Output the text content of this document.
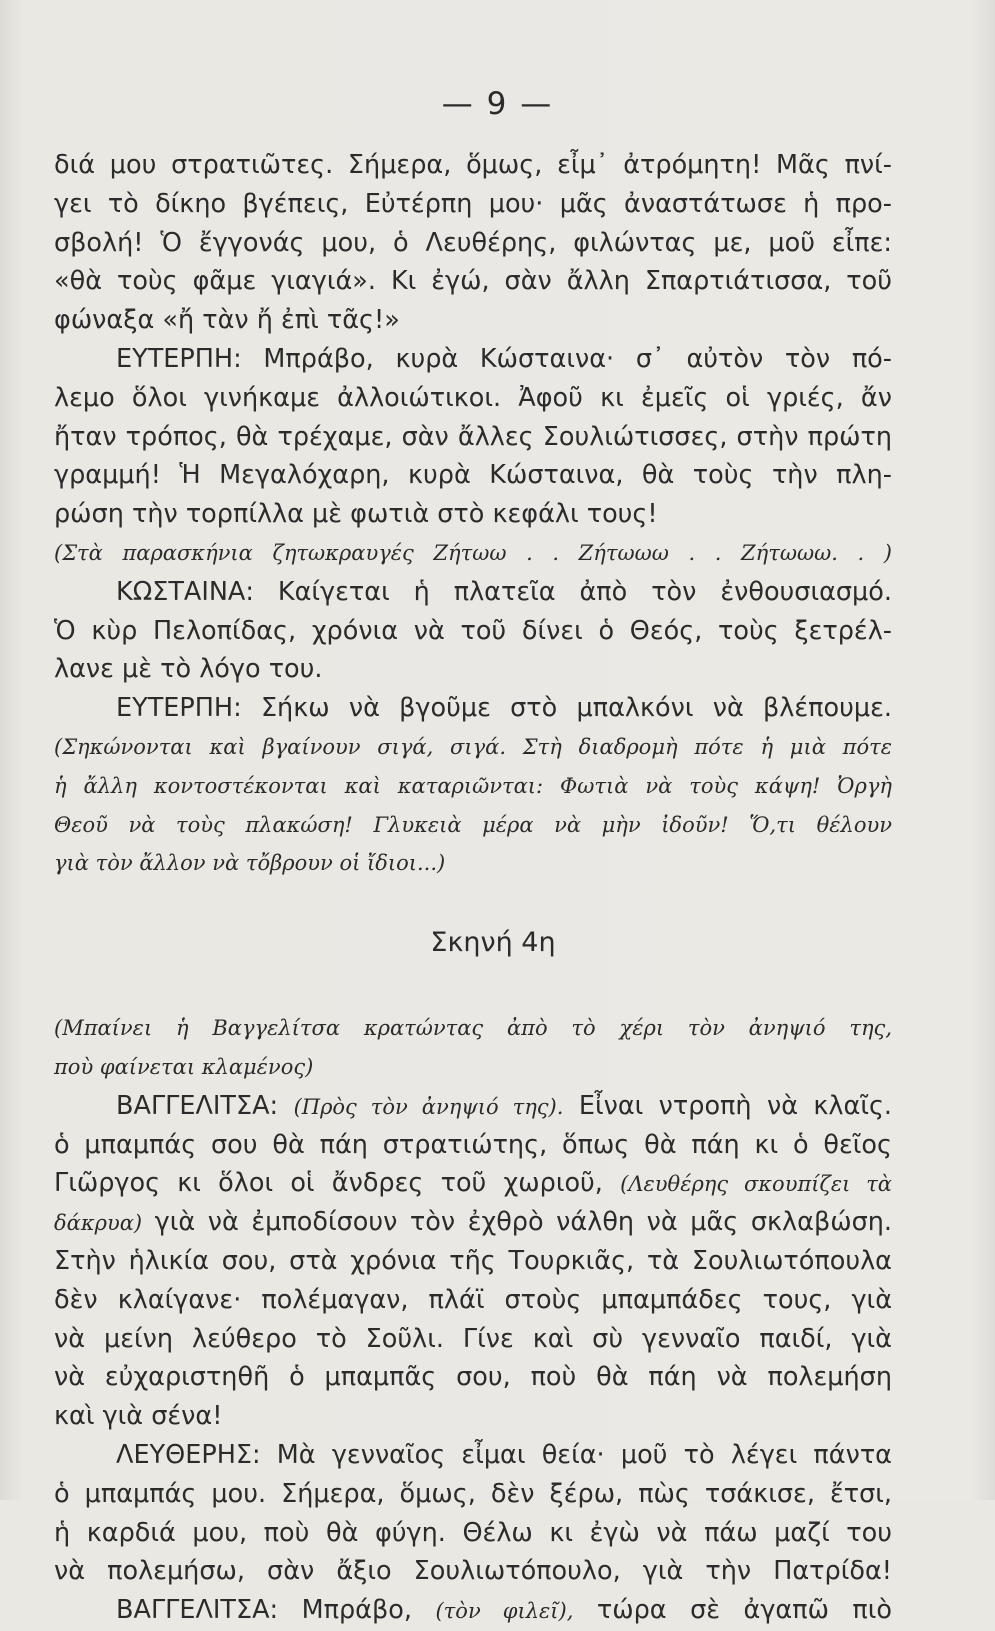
— 9 —
διά μου στρατιῶτες. Σήμερα, ὅμως, εἶμ᾽ ἀτρόμητη! Μᾶς πνί-
γει τὸ δίκηο βγέπεις, Εὐτέρπη μου· μᾶς ἀναστάτωσε ἡ προ-
σβολή! Ὁ ἔγγονάς μου, ὁ Λευθέρης, φιλώντας με, μοῦ εἶπε:
«θὰ τοὺς φᾶμε γιαγιά». Κι ἐγώ, σὰν ἄλλη Σπαρτιάτισσα, τοῦ
φώναξα «ἤ τὰν ἤ ἐπὶ τᾶς!»
ΕΥΤΕΡΠΗ: Μπράβο, κυρὰ Κώσταινα· σ᾽ αὐτὸν τὸν πό-
λεμο ὅλοι γινήκαμε ἀλλοιώτικοι. Ἀφοῦ κι ἐμεῖς οἱ γριές, ἄν
ἤταν τρόπος, θὰ τρέχαμε, σὰν ἄλλες Σουλιώτισσες, στὴν πρώτη
γραμμή! Ἡ Μεγαλόχαρη, κυρὰ Κώσταινα, θὰ τοὺς τὴν πλη-
ρώση τὴν τορπίλλα μὲ φωτιὰ στὸ κεφάλι τους!
(Στὰ παρασκήνια ζητωκραυγές Ζήτωω . . Ζήτωωω . . Ζήτωωω. . )
ΚΩΣΤΑΙΝΑ: Καίγεται ἡ πλατεῖα ἀπὸ τὸν ἐνθουσιασμό.
Ὁ κὺρ Πελοπίδας, χρόνια νὰ τοῦ δίνει ὁ Θεός, τοὺς ξετρέλ-
λανε μὲ τὸ λόγο του.
ΕΥΤΕΡΠΗ: Σήκω νὰ βγοῦμε στὸ μπαλκόνι νὰ βλέπουμε.
(Σηκώνονται καὶ βγαίνουν σιγά, σιγά. Στὴ διαδρομὴ πότε ἡ μιὰ πότε
ἡ ἄλλη κοντοστέκονται καὶ καταριῶνται: Φωτιὰ νὰ τοὺς κάψη! Ὀργὴ
Θεοῦ νὰ τοὺς πλακώση! Γλυκειὰ μέρα νὰ μὴν ἰδοῦν! Ὅ,τι θέλουν
γιὰ τὸν ἄλλον νὰ τὄβρουν οἱ ἴδιοι...)
Σκηνή 4η
(Μπαίνει ἡ Βαγγελίτσα κρατώντας ἀπὸ τὸ χέρι τὸν ἀνηψιό της,
ποὺ φαίνεται κλαμένος)
ΒΑΓΓΕΛΙΤΣΑ: (Πρὸς τὸν ἀνηψιό της). Εἶναι ντροπὴ νὰ κλαῖς.
ὁ μπαμπάς σου θὰ πάη στρατιώτης, ὅπως θὰ πάη κι ὁ θεῖος
Γιῶργος κι ὅλοι οἱ ἄνδρες τοῦ χωριοῦ, (Λευθέρης σκουπίζει τὰ
δάκρυα) γιὰ νὰ ἐμποδίσουν τὸν ἐχθρὸ νάλθη νὰ μᾶς σκλαβώση.
Στὴν ἡλικία σου, στὰ χρόνια τῆς Τουρκιᾶς, τὰ Σουλιωτόπουλα
δὲν κλαίγανε· πολέμαγαν, πλάϊ στοὺς μπαμπάδες τους, γιὰ
νὰ μείνη λεύθερο τὸ Σοῦλι. Γίνε καὶ σὺ γενναῖο παιδί, γιὰ
νὰ εὐχαριστηθῆ ὁ μπαμπᾶς σου, ποὺ θὰ πάη νὰ πολεμήση
καὶ γιὰ σένα!
ΛΕΥΘΕΡΗΣ: Μὰ γενναῖος εἶμαι θεία· μοῦ τὸ λέγει πάντα
ὁ μπαμπάς μου. Σήμερα, ὅμως, δὲν ξέρω, πὼς τσάκισε, ἔτσι,
ἡ καρδιά μου, ποὺ θὰ φύγη. Θέλω κι ἐγὼ νὰ πάω μαζί του
νὰ πολεμήσω, σὰν ἄξιο Σουλιωτόπουλο, γιὰ τὴν Πατρίδα!
ΒΑΓΓΕΛΙΤΣΑ: Μπράβο, (τὸν φιλεῖ), τώρα σὲ ἀγαπῶ πιὸ
